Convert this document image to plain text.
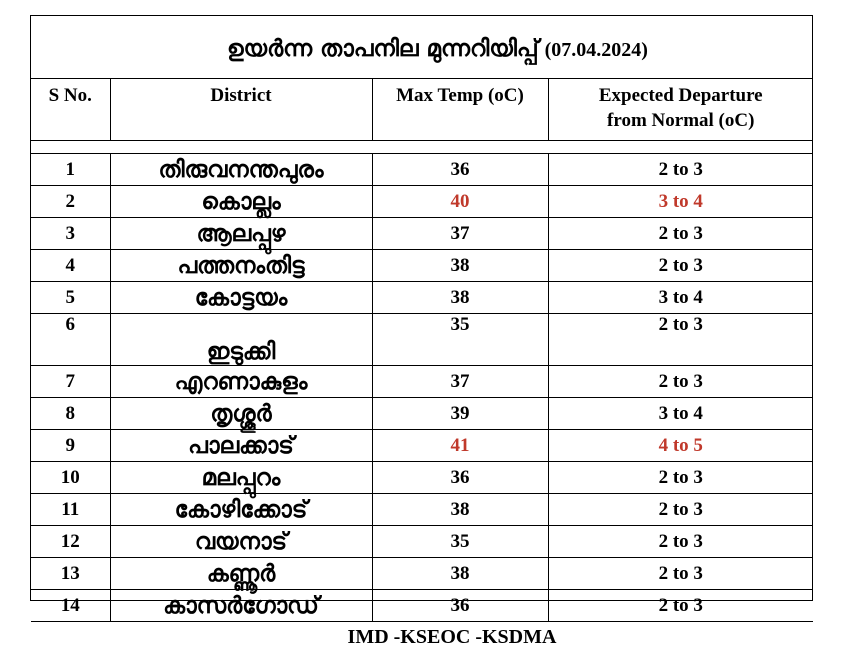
ഉയർന്ന താപനില മുന്നറിയിപ്പ് (07.04.2024)
S No.	District	Max Temp (oC)	Expected Departure
from Normal (oC)

1	തിരുവനന്തപുരം	36	2 to 3
2	കൊല്ലം	40	3 to 4
3	ആലപ്പുഴ	37	2 to 3
4	പത്തനംതിട്ട	38	2 to 3
5	കോട്ടയം	38	3 to 4
6	ഇടുക്കി	35	2 to 3
7	എറണാകുളം	37	2 to 3
8	തൃശ്ശൂർ	39	3 to 4
9	പാലക്കാട്	41	4 to 5
10	മലപ്പുറം	36	2 to 3
11	കോഴിക്കോട്	38	2 to 3
12	വയനാട്	35	2 to 3
13	കണ്ണൂർ	38	2 to 3
14	കാസർഗോഡ്	36	2 to 3
IMD -KSEOC -KSDMA
